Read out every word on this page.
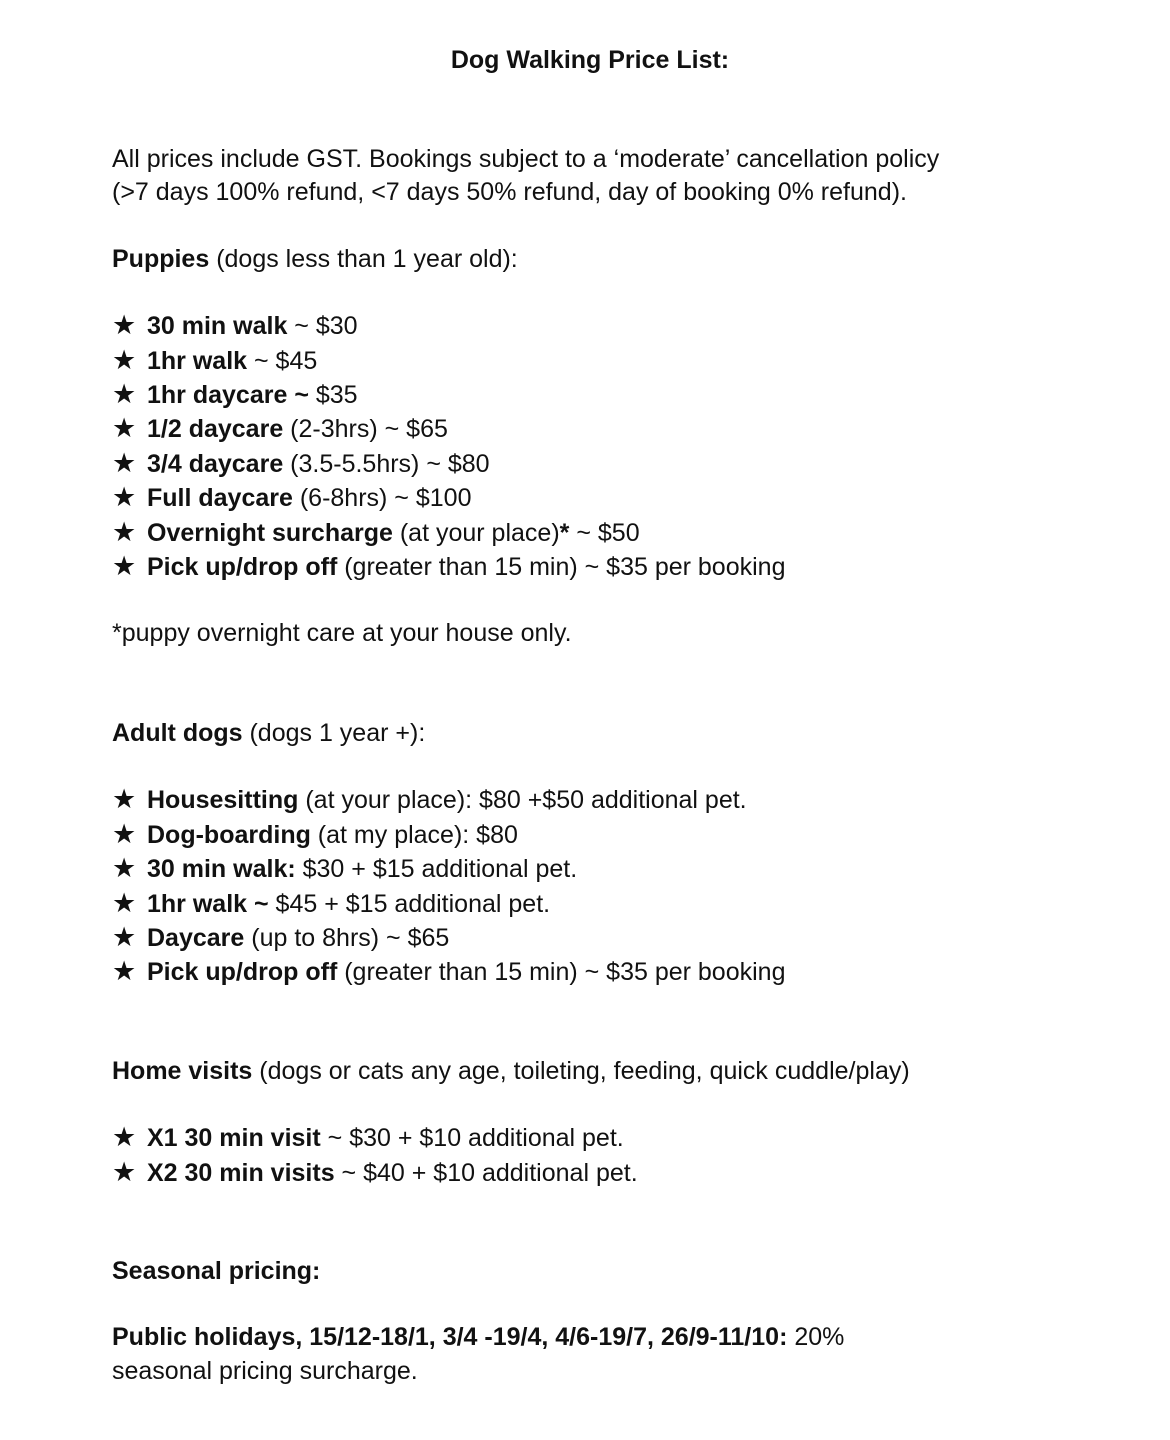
Dog Walking Price List:

All prices include GST. Bookings subject to a ‘moderate’ cancellation policy

(>7 days 100% refund, <7 days 50% refund, day of booking 0% refund).

Puppies (dogs less than 1 year old):

★ 30 min walk ~ $30
★ 1hr walk ~ $45
★ 1hr daycare ~ $35
★ 1/2 daycare (2-3hrs) ~ $65
★ 3/4 daycare (3.5-5.5hrs) ~ $80
★ Full daycare (6-8hrs) ~ $100
★ Overnight surcharge (at your place)* ~ $50
★ Pick up/drop off (greater than 15 min) ~ $35 per booking

*puppy overnight care at your house only.

Adult dogs (dogs 1 year +):

★ Housesitting (at your place): $80 +$50 additional pet.
★ Dog-boarding (at my place): $80
★ 30 min walk: $30 + $15 additional pet.
★ 1hr walk ~ $45 + $15 additional pet.
★ Daycare (up to 8hrs) ~ $65
★ Pick up/drop off (greater than 15 min) ~ $35 per booking

Home visits (dogs or cats any age, toileting, feeding, quick cuddle/play)

★ X1 30 min visit ~ $30 + $10 additional pet.
★ X2 30 min visits ~ $40 + $10 additional pet.

Seasonal pricing:

Public holidays, 15/12-18/1, 3/4 -19/4, 4/6-19/7, 26/9-11/10: 20%

seasonal pricing surcharge.
